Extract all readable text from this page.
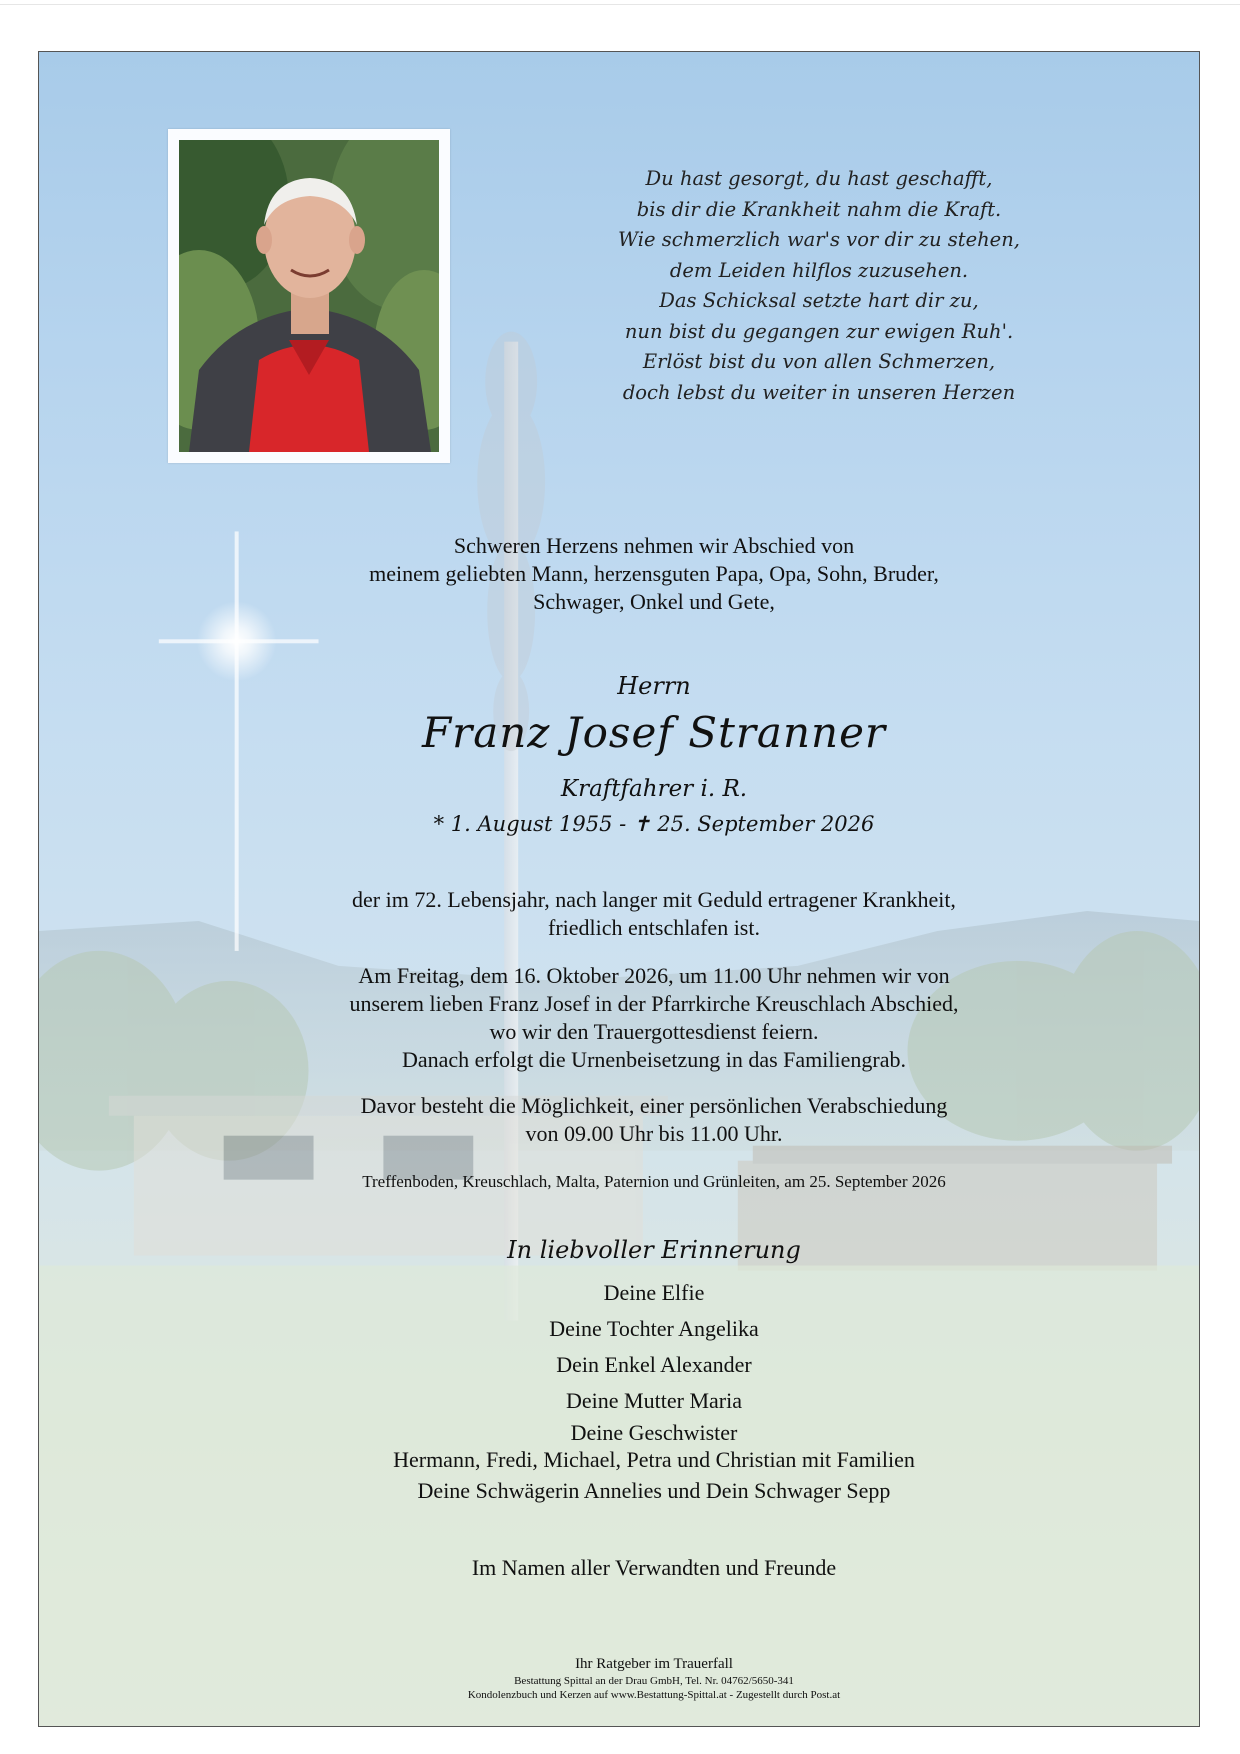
Du hast gesorgt, du hast geschafft,
bis dir die Krankheit nahm die Kraft.
Wie schmerzlich war's vor dir zu stehen,
dem Leiden hilflos zuzusehen.
Das Schicksal setzte hart dir zu,
nun bist du gegangen zur ewigen Ruh'.
Erlöst bist du von allen Schmerzen,
doch lebst du weiter in unseren Herzen
Schweren Herzens nehmen wir Abschied von
meinem geliebten Mann, herzensguten Papa, Opa, Sohn, Bruder,
Schwager, Onkel und Gete,
Herrn
Franz Josef Stranner
Kraftfahrer i. R.
* 1. August 1955 - ✝ 25. September 2026
der im 72. Lebensjahr, nach langer mit Geduld ertragener Krankheit,
friedlich entschlafen ist.
Am Freitag, dem 16. Oktober 2026, um 11.00 Uhr nehmen wir von
unserem lieben Franz Josef in der Pfarrkirche Kreuschlach Abschied,
wo wir den Trauergottesdienst feiern.
Danach erfolgt die Urnenbeisetzung in das Familiengrab.
Davor besteht die Möglichkeit, einer persönlichen Verabschiedung
von 09.00 Uhr bis 11.00 Uhr.
Treffenboden, Kreuschlach, Malta, Paternion und Grünleiten, am 25. September 2026
In liebvoller Erinnerung
Deine Elfie
Deine Tochter Angelika
Dein Enkel Alexander
Deine Mutter Maria
Deine Geschwister
Hermann, Fredi, Michael, Petra und Christian mit Familien
Deine Schwägerin Annelies und Dein Schwager Sepp
Im Namen aller Verwandten und Freunde
Ihr Ratgeber im Trauerfall
Bestattung Spittal an der Drau GmbH, Tel. Nr. 04762/5650-341
Kondolenzbuch und Kerzen auf www.Bestattung-Spittal.at - Zugestellt durch Post.at
